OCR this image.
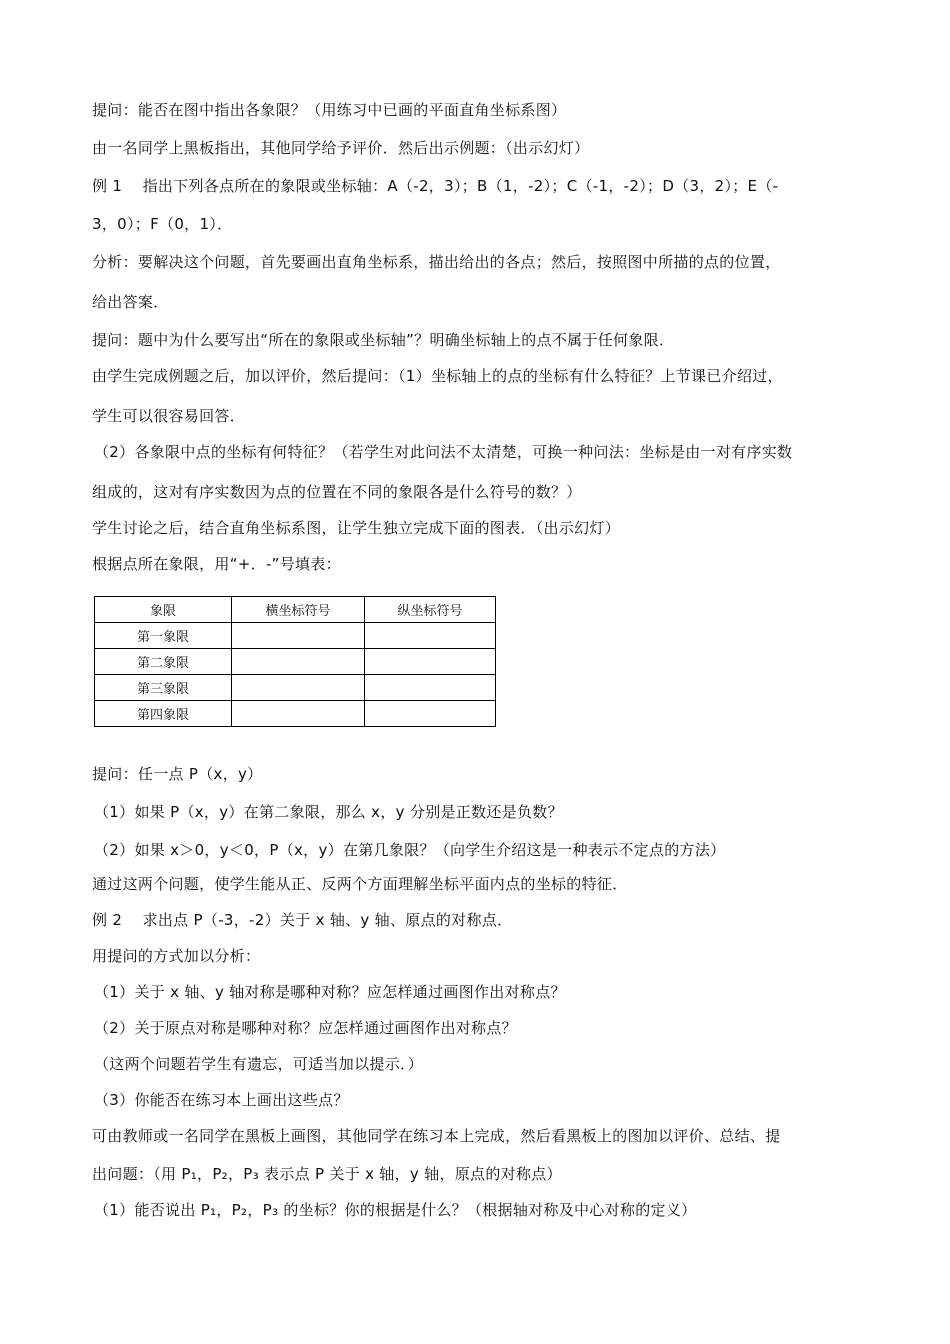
提问：能否在图中指出各象限？（用练习中已画的平面直角坐标系图）
由一名同学上黑板指出，其他同学给予评价．然后出示例题：（出示幻灯）
例 1　 指出下列各点所在的象限或坐标轴：A（-2，3）；B（1，-2）；C（-1，-2）；D（3，2）；E（-
3，0）；F（0，1）．
分析：要解决这个问题，首先要画出直角坐标系，描出给出的各点；然后，按照图中所描的点的位置，
给出答案．
提问：题中为什么要写出“所在的象限或坐标轴”？明确坐标轴上的点不属于任何象限．
由学生完成例题之后，加以评价，然后提问：（1）坐标轴上的点的坐标有什么特征？上节课已介绍过，
学生可以很容易回答．
（2）各象限中点的坐标有何特征？（若学生对此问法不太清楚，可换一种问法：坐标是由一对有序实数
组成的，这对有序实数因为点的位置在不同的象限各是什么符号的数？）
学生讨论之后，结合直角坐标系图，让学生独立完成下面的图表．（出示幻灯）
根据点所在象限，用“+．-”号填表：
象限	横坐标符号	纵坐标符号
第一象限		
第二象限		
第三象限		
第四象限		
提问：任一点 P（x，y）
（1）如果 P（x，y）在第二象限，那么 x，y 分别是正数还是负数？
（2）如果 x＞0，y＜0，P（x，y）在第几象限？（向学生介绍这是一种表示不定点的方法）
通过这两个问题，使学生能从正、反两个方面理解坐标平面内点的坐标的特征．
例 2　 求出点 P（-3，-2）关于 x 轴、y 轴、原点的对称点．
用提问的方式加以分析：
（1）关于 x 轴、y 轴对称是哪种对称？应怎样通过画图作出对称点？
（2）关于原点对称是哪种对称？应怎样通过画图作出对称点？
（这两个问题若学生有遗忘，可适当加以提示．）
（3）你能否在练习本上画出这些点？
可由教师或一名同学在黑板上画图，其他同学在练习本上完成，然后看黑板上的图加以评价、总结、提
出问题：（用 P₁，P₂，P₃ 表示点 P 关于 x 轴，y 轴，原点的对称点）
（1）能否说出 P₁，P₂，P₃ 的坐标？你的根据是什么？（根据轴对称及中心对称的定义）
